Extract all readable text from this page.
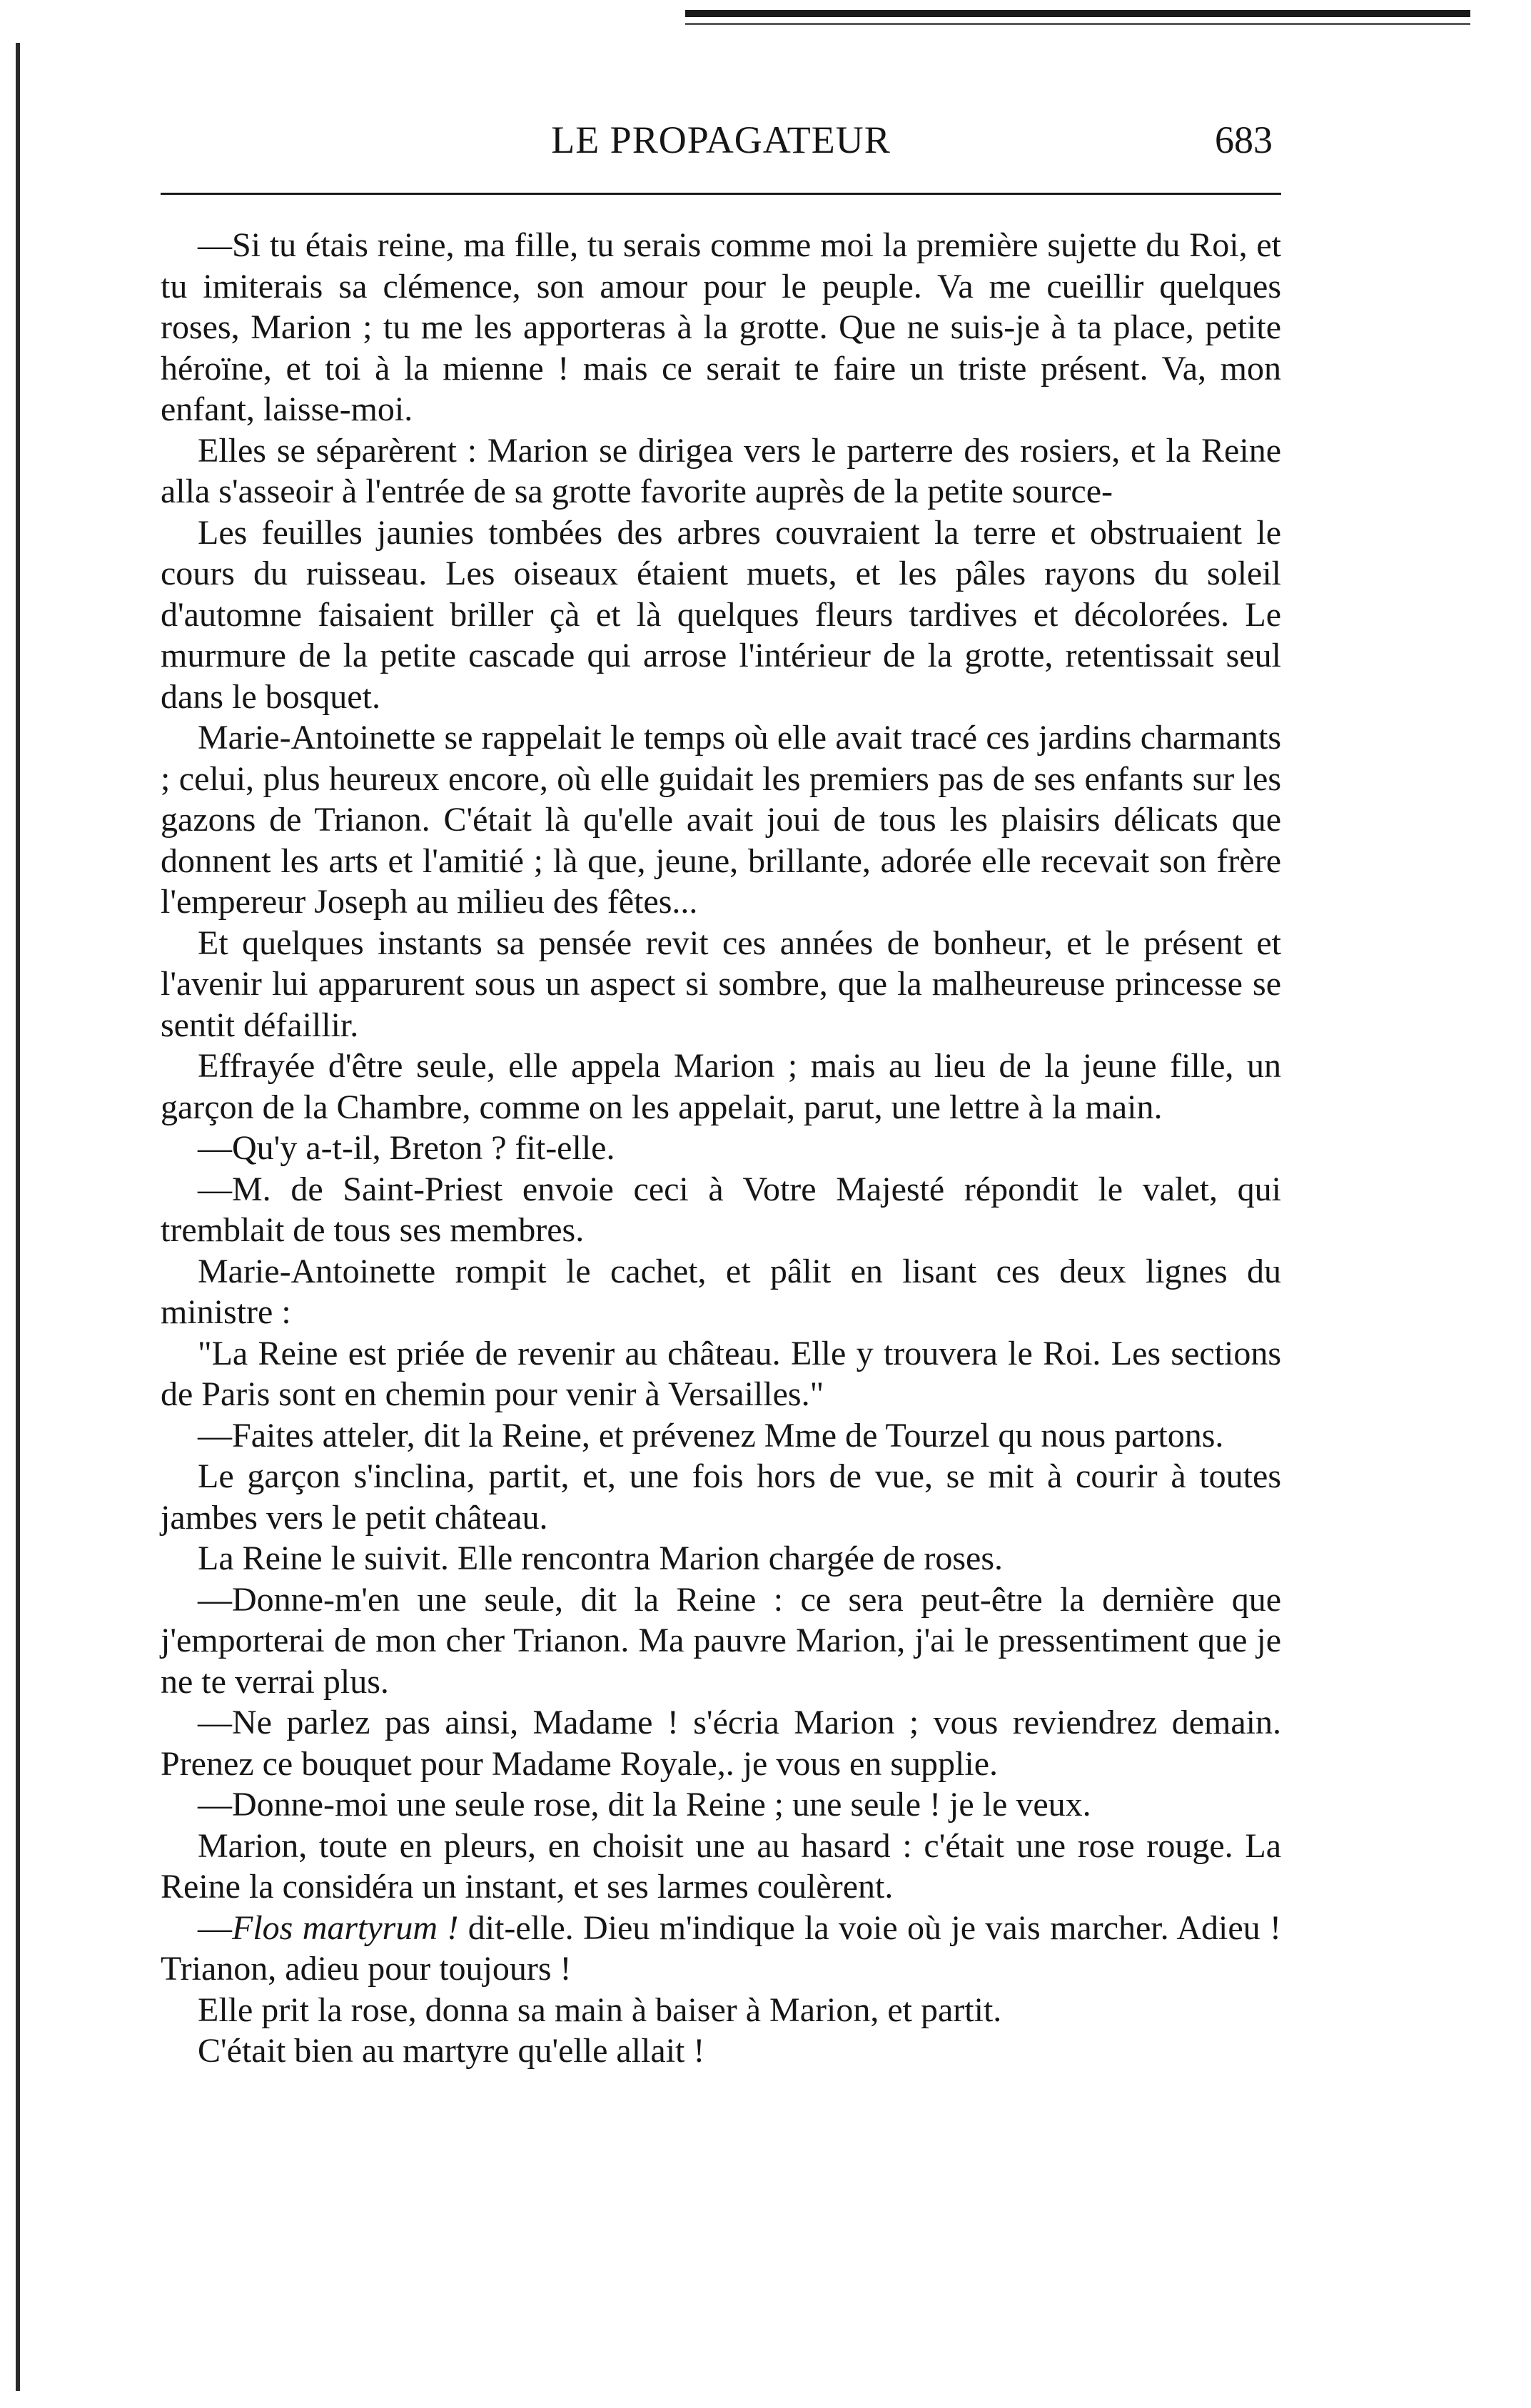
LE PROPAGATEUR	683

—Si tu étais reine, ma fille, tu serais comme moi la première sujette du Roi, et tu imiterais sa clémence, son amour pour le peuple. Va me cueillir quelques roses, Marion ; tu me les apporteras à la grotte. Que ne suis-je à ta place, petite héroïne, et toi à la mienne ! mais ce serait te faire un triste présent. Va, mon enfant, laisse-moi.

Elles se séparèrent : Marion se dirigea vers le parterre des rosiers, et la Reine alla s'asseoir à l'entrée de sa grotte favorite auprès de la petite source-

Les feuilles jaunies tombées des arbres couvraient la terre et obstruaient le cours du ruisseau. Les oiseaux étaient muets, et les pâles rayons du soleil d'automne faisaient briller çà et là quelques fleurs tardives et décolorées. Le murmure de la petite cascade qui arrose l'intérieur de la grotte, retentissait seul dans le bosquet.

Marie-Antoinette se rappelait le temps où elle avait tracé ces jardins charmants ; celui, plus heureux encore, où elle guidait les premiers pas de ses enfants sur les gazons de Trianon. C'était là qu'elle avait joui de tous les plaisirs délicats que donnent les arts et l'amitié ; là que, jeune, brillante, adorée elle recevait son frère l'empereur Joseph au milieu des fêtes...

Et quelques instants sa pensée revit ces années de bonheur, et le présent et l'avenir lui apparurent sous un aspect si sombre, que la malheureuse princesse se sentit défaillir.

Effrayée d'être seule, elle appela Marion ; mais au lieu de la jeune fille, un garçon de la Chambre, comme on les appelait, parut, une lettre à la main.

—Qu'y a-t-il, Breton ? fit-elle.

—M. de Saint-Priest envoie ceci à Votre Majesté répondit le valet, qui tremblait de tous ses membres.

Marie-Antoinette rompit le cachet, et pâlit en lisant ces deux lignes du ministre :

"La Reine est priée de revenir au château. Elle y trouvera le Roi. Les sections de Paris sont en chemin pour venir à Versailles."

—Faites atteler, dit la Reine, et prévenez Mme de Tourzel qu nous partons.

Le garçon s'inclina, partit, et, une fois hors de vue, se mit à courir à toutes jambes vers le petit château.

La Reine le suivit. Elle rencontra Marion chargée de roses.

—Donne-m'en une seule, dit la Reine : ce sera peut-être la dernière que j'emporterai de mon cher Trianon. Ma pauvre Marion, j'ai le pressentiment que je ne te verrai plus.

—Ne parlez pas ainsi, Madame ! s'écria Marion ; vous reviendrez demain. Prenez ce bouquet pour Madame Royale,. je vous en supplie.

—Donne-moi une seule rose, dit la Reine ; une seule ! je le veux.

Marion, toute en pleurs, en choisit une au hasard : c'était une rose rouge. La Reine la considéra un instant, et ses larmes coulèrent.

—Flos martyrum ! dit-elle. Dieu m'indique la voie où je vais marcher. Adieu ! Trianon, adieu pour toujours !

Elle prit la rose, donna sa main à baiser à Marion, et partit.

C'était bien au martyre qu'elle allait !
